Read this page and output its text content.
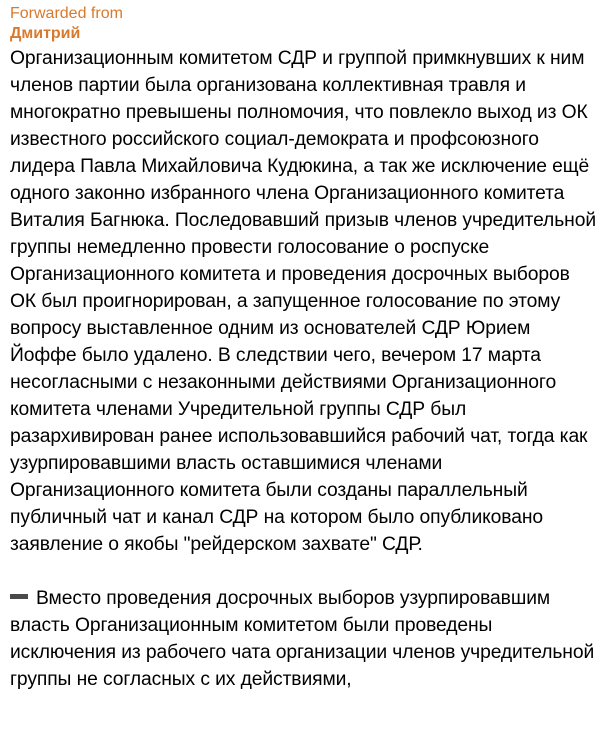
Forwarded from
Дмитрий

Организационным комитетом СДР и группой примкнувших к ним членов партии была организована коллективная травля и многократно превышены полномочия, что повлекло выход из ОК известного российского социал-демократа и профсоюзного лидера Павла Михайловича Кудюкина, а так же исключение ещё одного законно избранного члена Организационного комитета Виталия Багнюка. Последовавший призыв членов учредительной группы немедленно провести голосование о роспуске Организационного комитета и проведения досрочных выборов ОК был проигнорирован, а запущенное голосование по этому вопросу выставленное одним из основателей СДР Юрием Йоффе было удалено. В следствии чего, вечером 17 марта несогласными с незаконными действиями Организационного комитета членами Учредительной группы СДР был разархивирован ранее использовавшийся рабочий чат, тогда как узурпировавшими власть оставшимися членами Организационного комитета были созданы параллельный публичный чат и канал СДР на котором было опубликовано заявление о якобы "рейдерском захвате" СДР.

Вместо проведения досрочных выборов узурпировавшим власть Организационным комитетом были проведены исключения из рабочего чата организации членов учредительной группы не согласных с их действиями,
